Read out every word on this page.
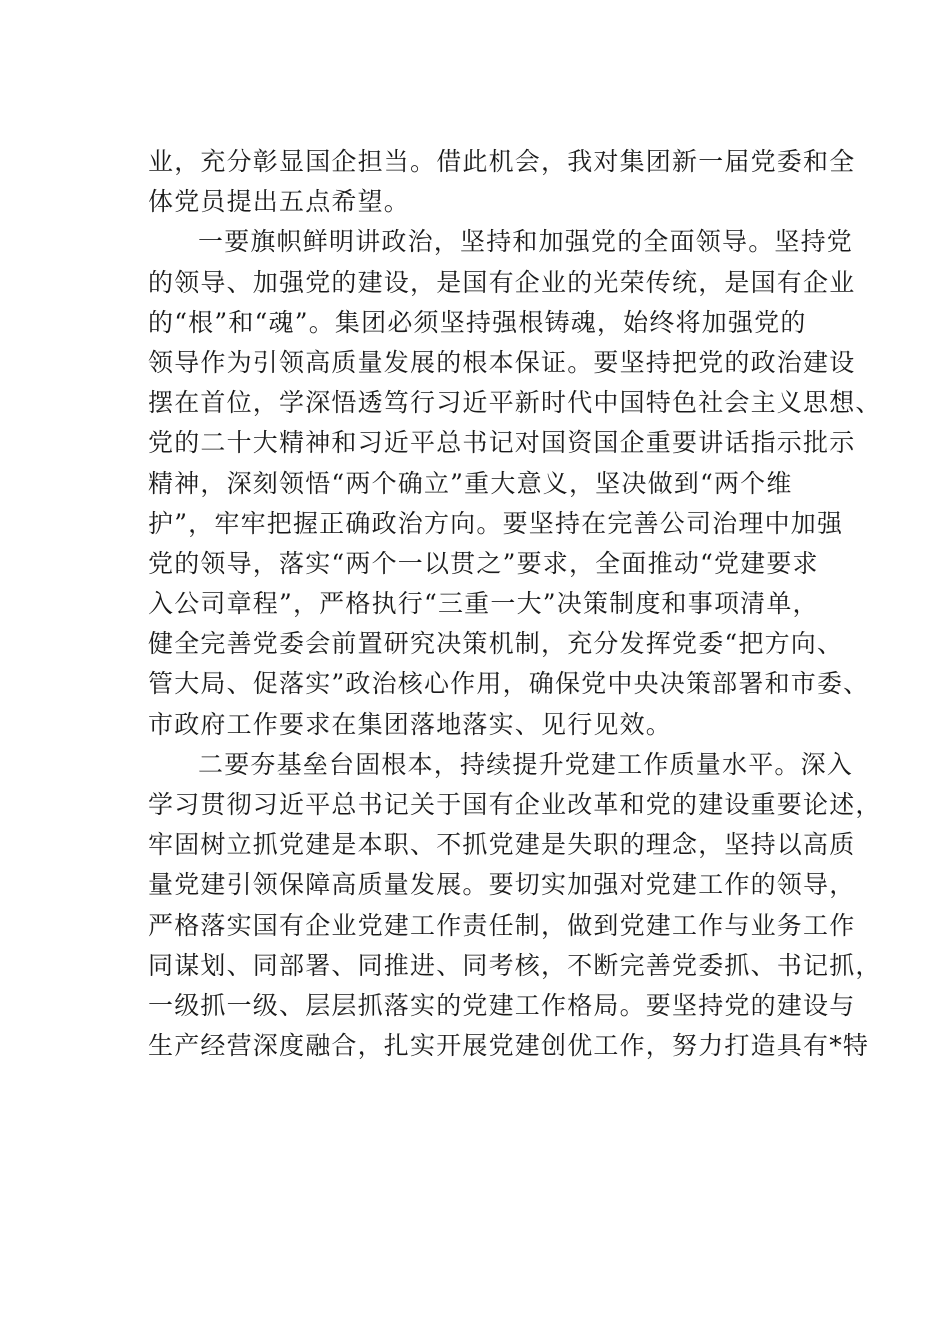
业，充分彰显国企担当。借此机会，我对集团新一届党委和全
体党员提出五点希望。
一要旗帜鲜明讲政治，坚持和加强党的全面领导。坚持党
的领导、加强党的建设，是国有企业的光荣传统，是国有企业
的“根”和“魂”。集团必须坚持强根铸魂，始终将加强党的
领导作为引领高质量发展的根本保证。要坚持把党的政治建设
摆在首位，学深悟透笃行习近平新时代中国特色社会主义思想、
党的二十大精神和习近平总书记对国资国企重要讲话指示批示
精神，深刻领悟“两个确立”重大意义，坚决做到“两个维
护”，牢牢把握正确政治方向。要坚持在完善公司治理中加强
党的领导，落实“两个一以贯之”要求，全面推动“党建要求
入公司章程”，严格执行“三重一大”决策制度和事项清单，
健全完善党委会前置研究决策机制，充分发挥党委“把方向、
管大局、促落实”政治核心作用，确保党中央决策部署和市委、
市政府工作要求在集团落地落实、见行见效。
二要夯基垒台固根本，持续提升党建工作质量水平。深入
学习贯彻习近平总书记关于国有企业改革和党的建设重要论述，
牢固树立抓党建是本职、不抓党建是失职的理念，坚持以高质
量党建引领保障高质量发展。要切实加强对党建工作的领导，
严格落实国有企业党建工作责任制，做到党建工作与业务工作
同谋划、同部署、同推进、同考核，不断完善党委抓、书记抓，
一级抓一级、层层抓落实的党建工作格局。要坚持党的建设与
生产经营深度融合，扎实开展党建创优工作，努力打造具有*特
